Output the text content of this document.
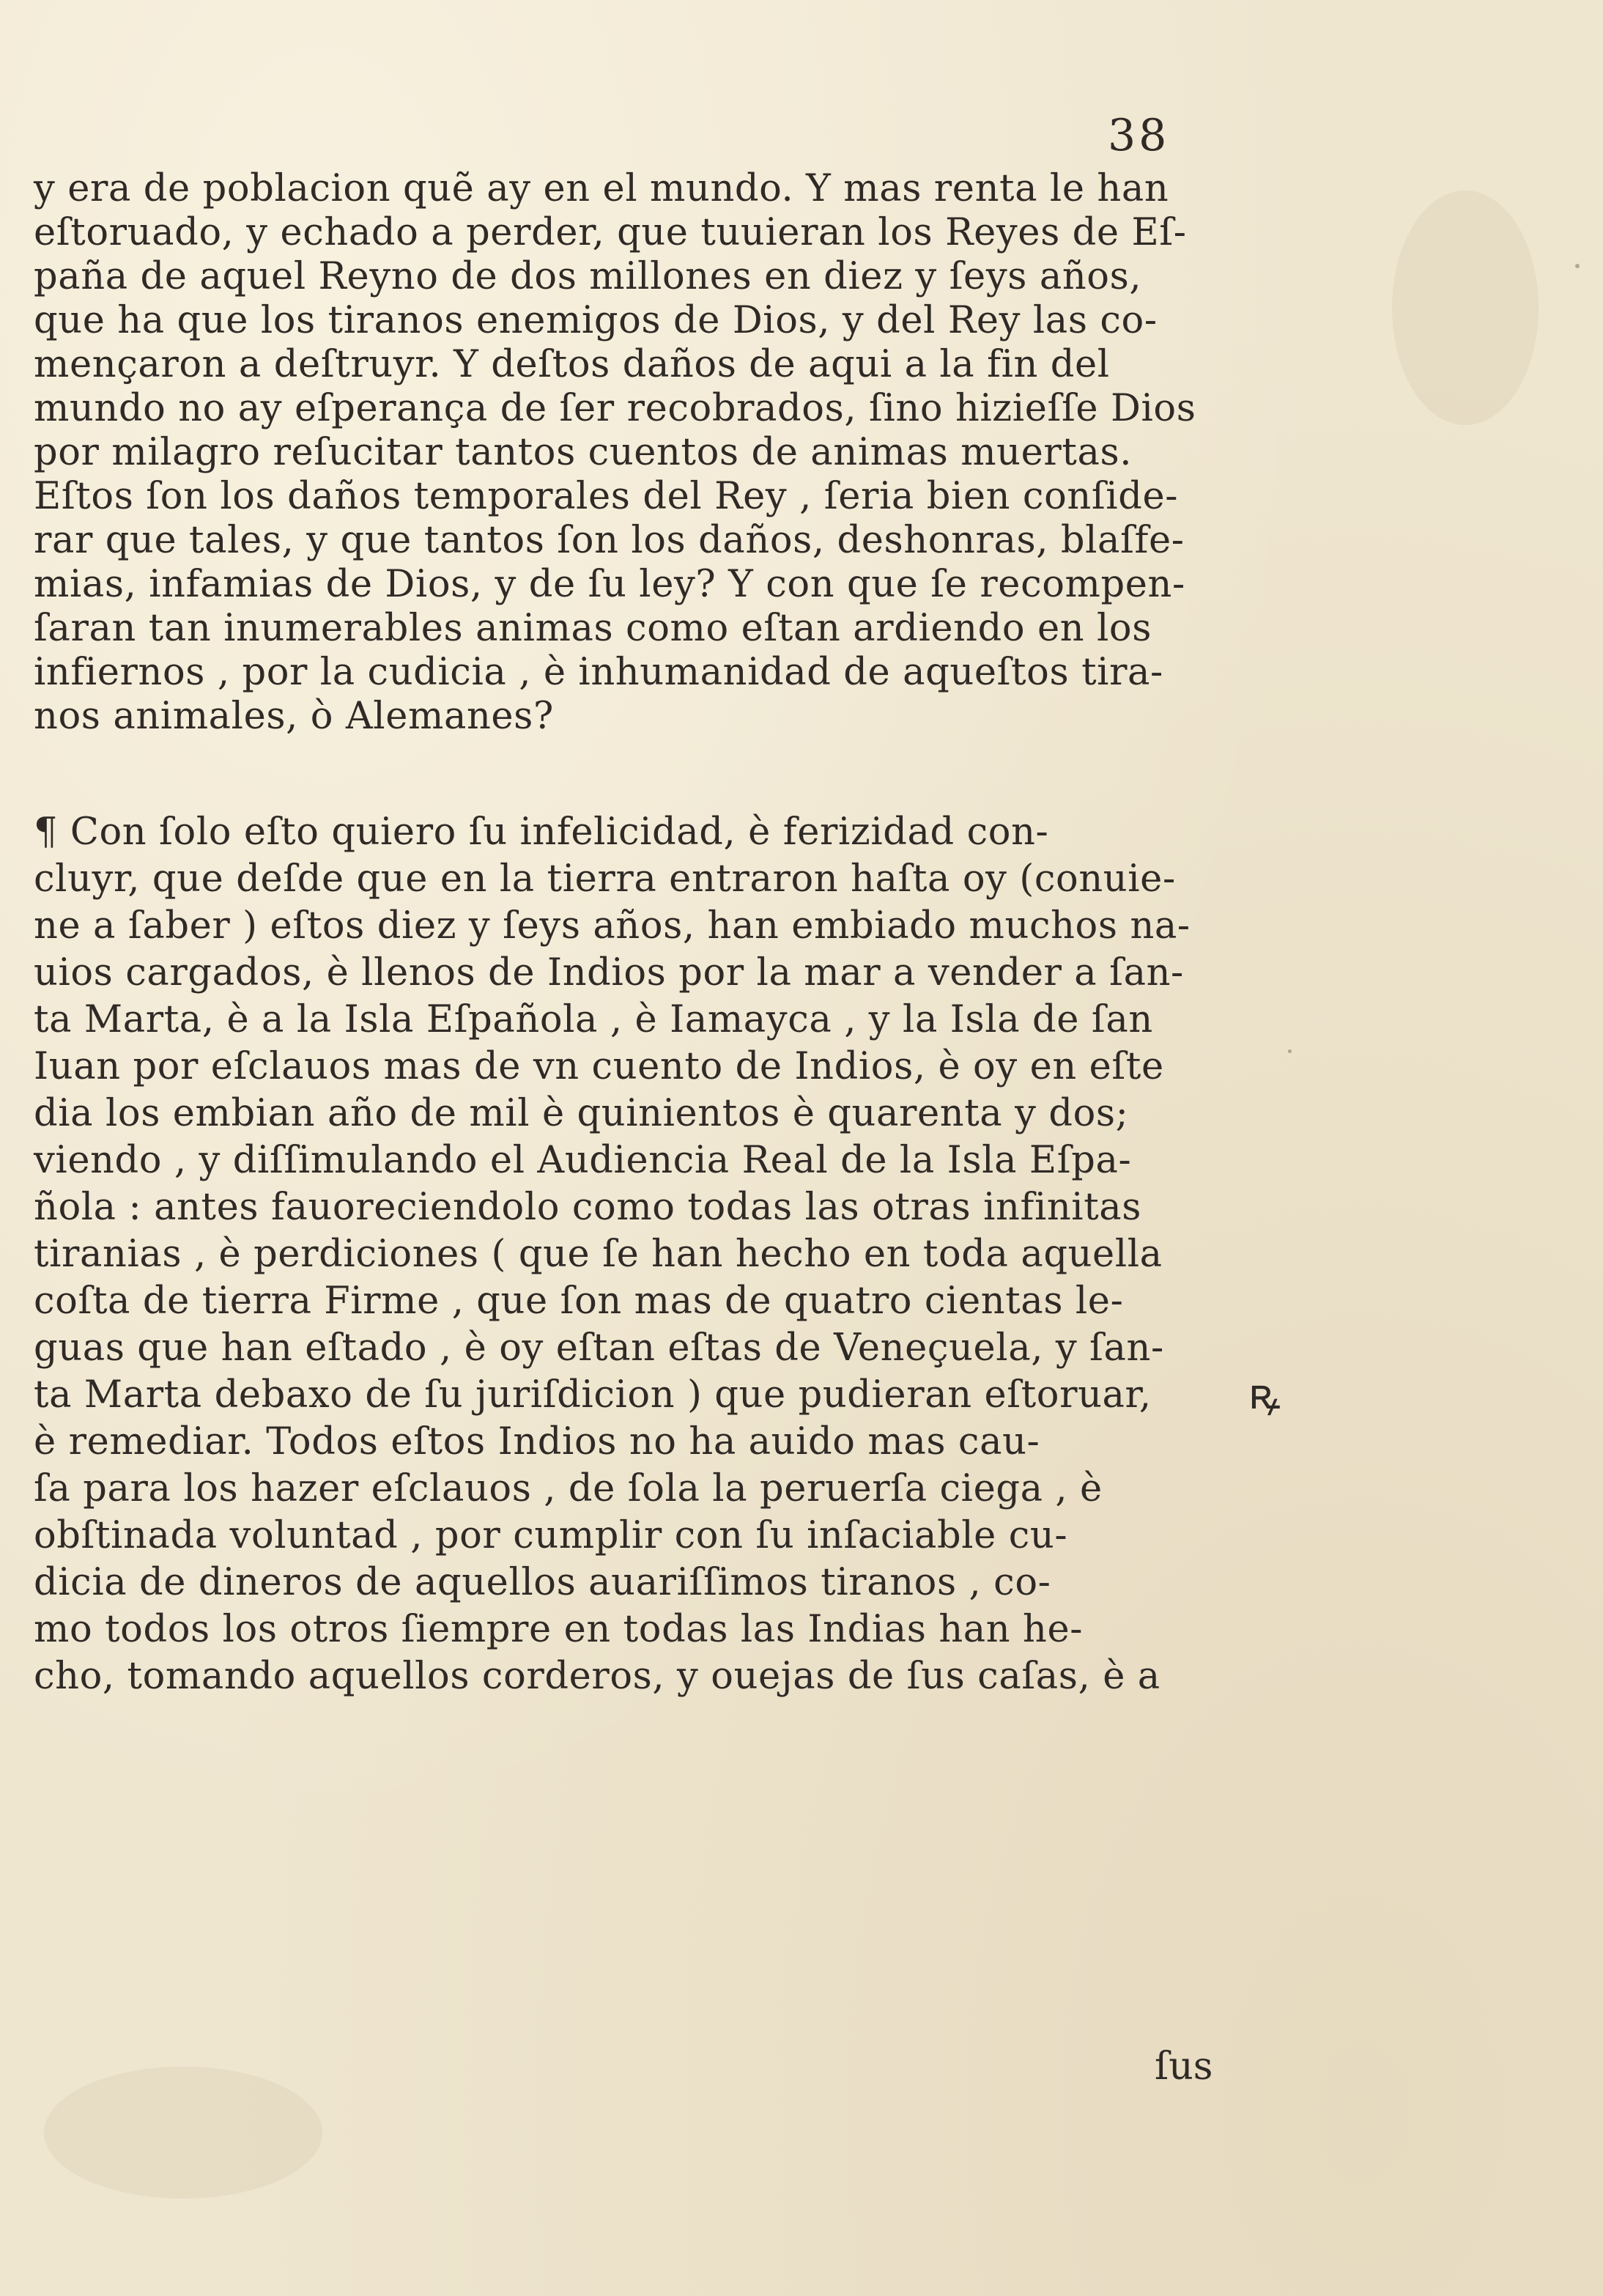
38
y era de poblacion quẽ ay en el mundo. Y mas renta le han
eſtoruado, y echado a perder, que tuuieran los Reyes de Eſ-
paña de aquel Reyno de dos millones en diez y ſeys años,
que ha que los tiranos enemigos de Dios, y del Rey las co-
mençaron a deſtruyr. Y deſtos daños de aqui a la fin del
mundo no ay eſperança de ſer recobrados, ſino hizieſſe Dios
por milagro reſucitar tantos cuentos de animas muertas.
Eſtos ſon los daños temporales del Rey , ſeria bien conſide-
rar que tales, y que tantos ſon los daños, deshonras, blaſfe-
mias, infamias de Dios, y de ſu ley? Y con que ſe recompen-
ſaran tan inumerables animas como eſtan ardiendo en los
infiernos , por la cudicia , è inhumanidad de aqueſtos tira-
nos animales, ò Alemanes?
¶ Con ſolo eſto quiero ſu infelicidad, è ferizidad con-
cluyr, que deſde que en la tierra entraron haſta oy (conuie-
ne a ſaber ) eſtos diez y ſeys años, han embiado muchos na-
uios cargados, è llenos de Indios por la mar a vender a ſan-
ta Marta, è a la Isla Eſpañola , è Iamayca , y la Isla de ſan
Iuan por eſclauos mas de vn cuento de Indios, è oy en eſte
dia los embian año de mil è quinientos è quarenta y dos;
viendo , y diſſimulando el Audiencia Real de la Isla Eſpa-
ñola : antes fauoreciendolo como todas las otras infinitas
tiranias , è perdiciones ( que ſe han hecho en toda aquella
coſta de tierra Firme , que ſon mas de quatro cientas le-
guas que han eſtado , è oy eſtan eſtas de Veneçuela, y ſan-
ta Marta debaxo de ſu juriſdicion ) que pudieran eſtoruar,
è remediar. Todos eſtos Indios no ha auido mas cau-
ſa para los hazer eſclauos , de ſola la peruerſa ciega , è
obſtinada voluntad , por cumplir con ſu inſaciable cu-
dicia de dineros de aquellos auariſſimos tiranos , co-
mo todos los otros ſiempre en todas las Indias han he-
cho, tomando aquellos corderos, y ouejas de ſus caſas, è a
ꝶ
ſus
